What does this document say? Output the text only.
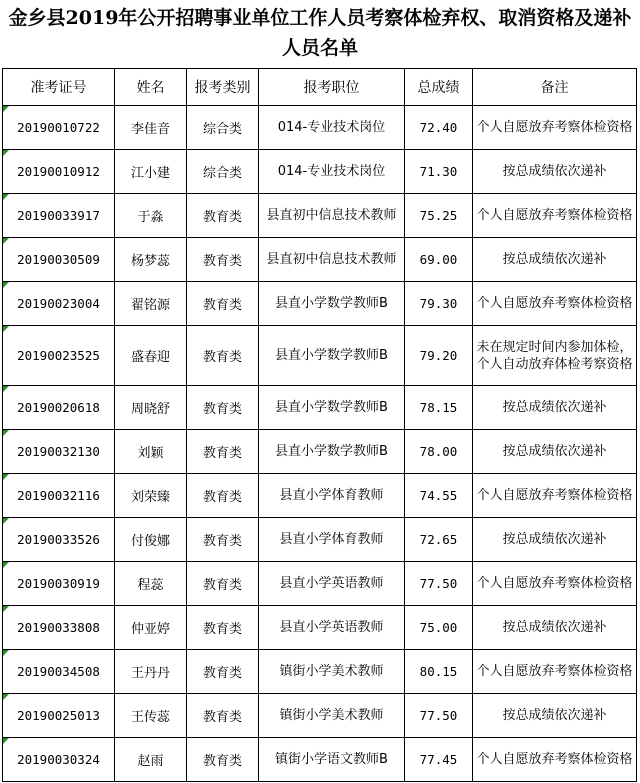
金乡县2019年公开招聘事业单位工作人员考察体检弃权、取消资格及递补人员名单
准考证号	姓名	报考类别	报考职位	总成绩	备注
20190010722	李佳音	综合类	014-专业技术岗位	72.40	个人自愿放弃考察体检资格
20190010912	江小建	综合类	014-专业技术岗位	71.30	按总成绩依次递补
20190033917	于淼	教育类	县直初中信息技术教师	75.25	个人自愿放弃考察体检资格
20190030509	杨梦蕊	教育类	县直初中信息技术教师	69.00	按总成绩依次递补
20190023004	翟铭源	教育类	县直小学数学教师B	79.30	个人自愿放弃考察体检资格
20190023525	盛春迎	教育类	县直小学数学教师B	79.20	未在规定时间内参加体检，个人自动放弃体检考察资格
20190020618	周晓舒	教育类	县直小学数学教师B	78.15	按总成绩依次递补
20190032130	刘颖	教育类	县直小学数学教师B	78.00	按总成绩依次递补
20190032116	刘荣臻	教育类	县直小学体育教师	74.55	个人自愿放弃考察体检资格
20190033526	付俊娜	教育类	县直小学体育教师	72.65	按总成绩依次递补
20190030919	程蕊	教育类	县直小学英语教师	77.50	个人自愿放弃考察体检资格
20190033808	仲亚婷	教育类	县直小学英语教师	75.00	按总成绩依次递补
20190034508	王丹丹	教育类	镇街小学美术教师	80.15	个人自愿放弃考察体检资格
20190025013	王传蕊	教育类	镇街小学美术教师	77.50	按总成绩依次递补
20190030324	赵雨	教育类	镇街小学语文教师B	77.45	个人自愿放弃考察体检资格
